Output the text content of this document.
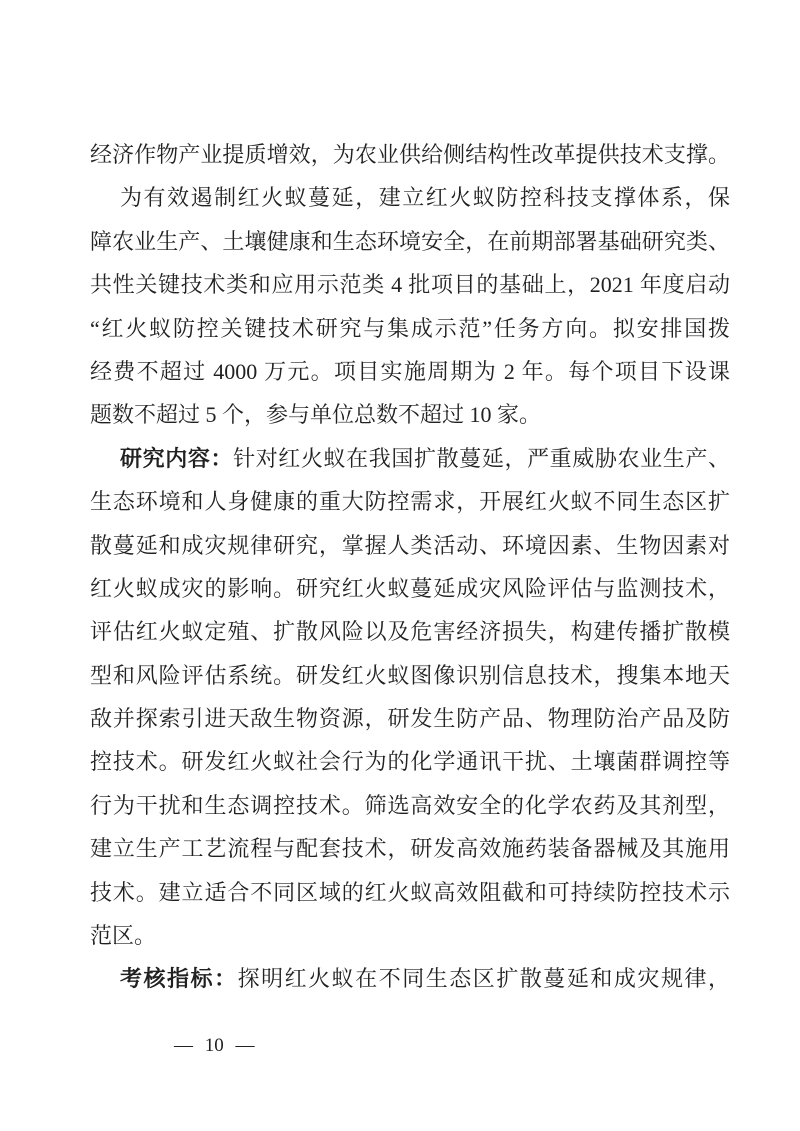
经济作物产业提质增效，为农业供给侧结构性改革提供技术支撑。
为有效遏制红火蚁蔓延，建立红火蚁防控科技支撑体系，保
障农业生产、土壤健康和生态环境安全，在前期部署基础研究类、
共性关键技术类和应用示范类 4 批项目的基础上，2021 年度启动
“红火蚁防控关键技术研究与集成示范”任务方向。拟安排国拨
经费不超过 4000 万元。项目实施周期为 2 年。每个项目下设课
题数不超过 5 个，参与单位总数不超过 10 家。
研究内容：针对红火蚁在我国扩散蔓延，严重威胁农业生产、
生态环境和人身健康的重大防控需求，开展红火蚁不同生态区扩
散蔓延和成灾规律研究，掌握人类活动、环境因素、生物因素对
红火蚁成灾的影响。研究红火蚁蔓延成灾风险评估与监测技术，
评估红火蚁定殖、扩散风险以及危害经济损失，构建传播扩散模
型和风险评估系统。研发红火蚁图像识别信息技术，搜集本地天
敌并探索引进天敌生物资源，研发生防产品、物理防治产品及防
控技术。研发红火蚁社会行为的化学通讯干扰、土壤菌群调控等
行为干扰和生态调控技术。筛选高效安全的化学农药及其剂型，
建立生产工艺流程与配套技术，研发高效施药装备器械及其施用
技术。建立适合不同区域的红火蚁高效阻截和可持续防控技术示
范区。
考核指标：探明红火蚁在不同生态区扩散蔓延和成灾规律，

— 10 —
